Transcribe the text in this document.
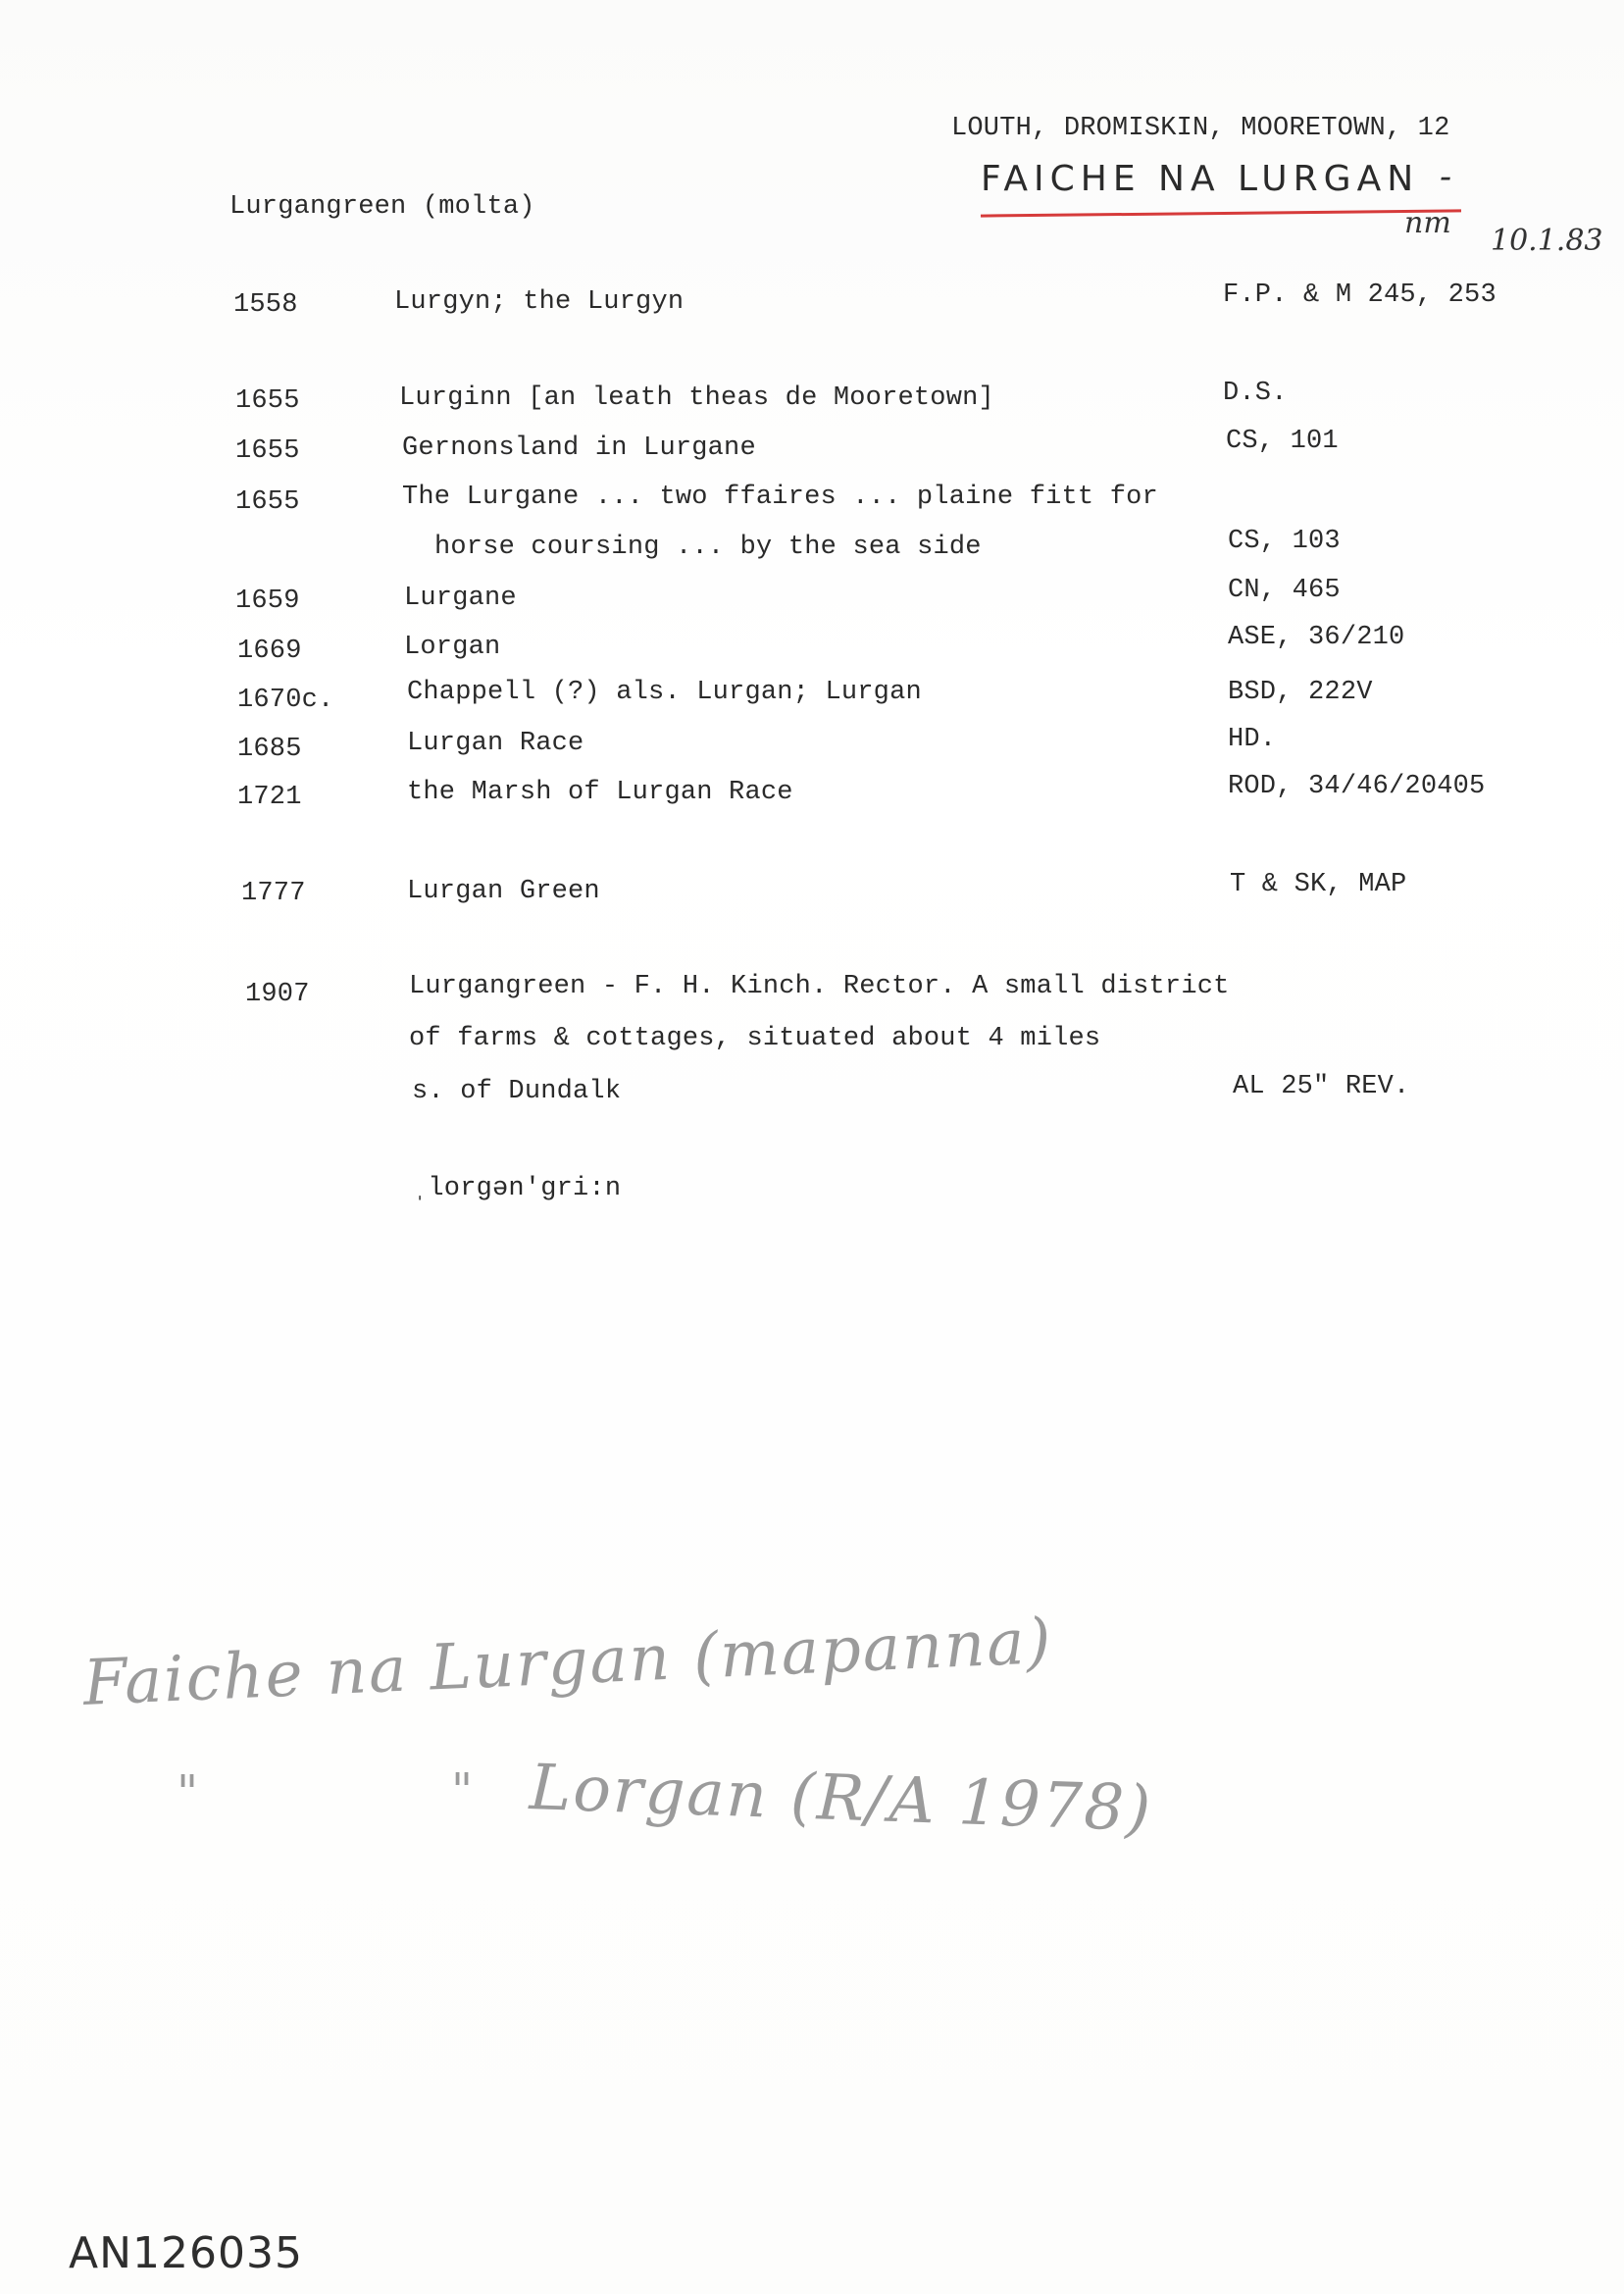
LOUTH, DROMISKIN, MOORETOWN, 12
FAICHE NA LURGAN -
nm
10.1.83
Lurgangreen (molta)
1558	Lurgyn; the Lurgyn	F.P. & M 245, 253
1655	Lurginn [an leath theas de Mooretown]	D.S.
1655	Gernonsland in Lurgane	CS, 101
1655	The Lurgane ... two ffaires ... plaine fitt for
horse coursing ... by the sea side	CS, 103
1659	Lurgane	CN, 465
1669	Lorgan	ASE, 36/210
1670c.	Chappell (?) als. Lurgan; Lurgan	BSD, 222V
1685	Lurgan Race	HD.
1721	the Marsh of Lurgan Race	ROD, 34/46/20405
1777	Lurgan Green	T & SK, MAP
1907	Lurgangreen - F. H. Kinch. Rector. A small district
of farms & cottages, situated about 4 miles
s. of Dundalk	AL 25" REV.
ˌlorgən'gri:n
Faiche na Lurgan (mapanna)
"	" Lorgan (R/A 1978)
AN126035
